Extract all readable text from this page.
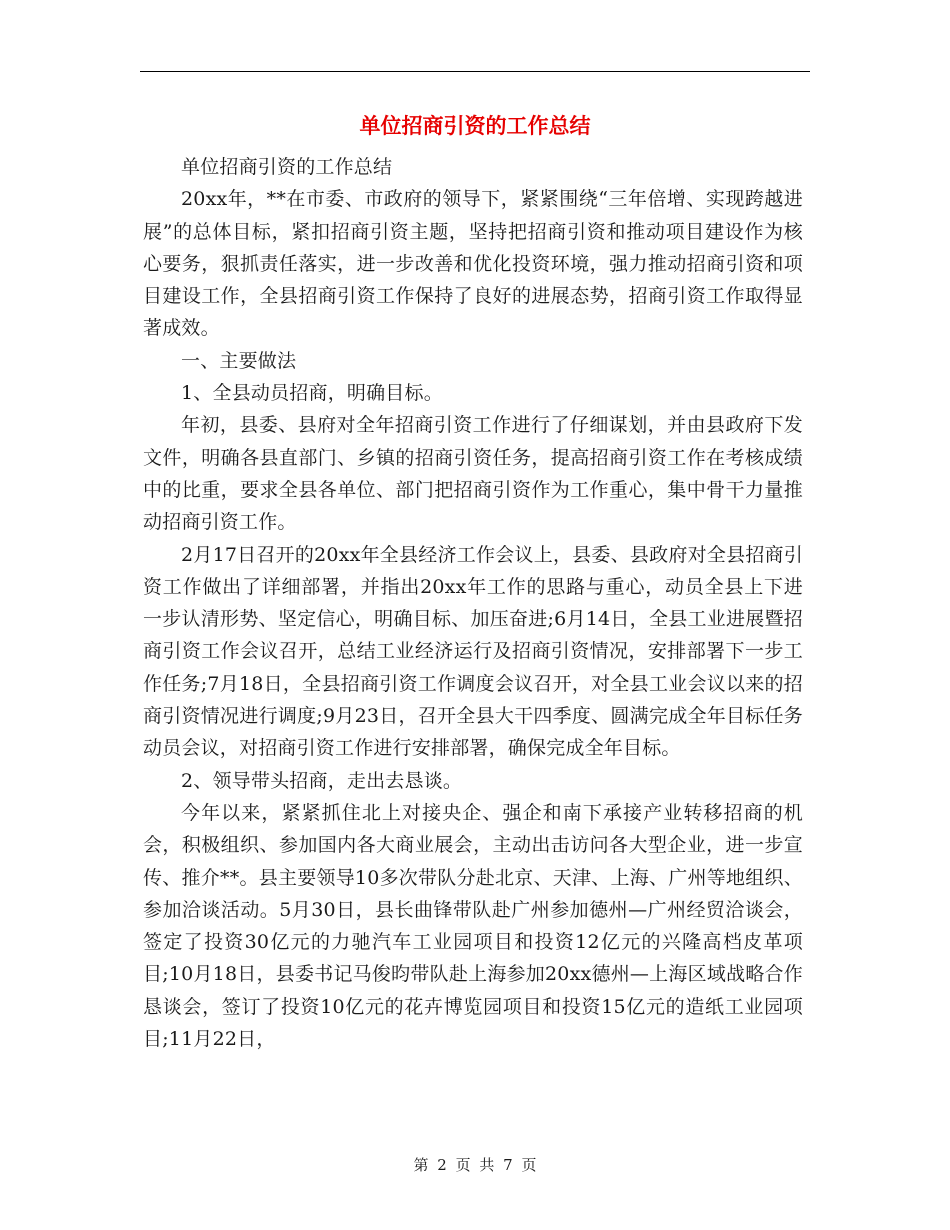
单位招商引资的工作总结

单位招商引资的工作总结

20xx年，**在市委、市政府的领导下，紧紧围绕“三年倍增、实现跨越进展”的总体目标，紧扣招商引资主题，坚持把招商引资和推动项目建设作为核心要务，狠抓责任落实，进一步改善和优化投资环境，强力推动招商引资和项目建设工作，全县招商引资工作保持了良好的进展态势，招商引资工作取得显著成效。

一、主要做法

1、全县动员招商，明确目标。

年初，县委、县府对全年招商引资工作进行了仔细谋划，并由县政府下发文件，明确各县直部门、乡镇的招商引资任务，提高招商引资工作在考核成绩中的比重，要求全县各单位、部门把招商引资作为工作重心，集中骨干力量推动招商引资工作。

2月17日召开的20xx年全县经济工作会议上，县委、县政府对全县招商引资工作做出了详细部署，并指出20xx年工作的思路与重心，动员全县上下进一步认清形势、坚定信心，明确目标、加压奋进;6月14日，全县工业进展暨招商引资工作会议召开，总结工业经济运行及招商引资情况，安排部署下一步工作任务;7月18日，全县招商引资工作调度会议召开，对全县工业会议以来的招商引资情况进行调度;9月23日，召开全县大干四季度、圆满完成全年目标任务动员会议，对招商引资工作进行安排部署，确保完成全年目标。

2、领导带头招商，走出去恳谈。

今年以来，紧紧抓住北上对接央企、强企和南下承接产业转移招商的机会，积极组织、参加国内各大商业展会，主动出击访问各大型企业，进一步宣传、推介**。县主要领导10多次带队分赴北京、天津、上海、广州等地组织、参加洽谈活动。5月30日，县长曲锋带队赴广州参加德州—广州经贸洽谈会，签定了投资30亿元的力驰汽车工业园项目和投资12亿元的兴隆高档皮革项目;10月18日，县委书记马俊昀带队赴上海参加20xx德州—上海区域战略合作恳谈会，签订了投资10亿元的花卉博览园项目和投资15亿元的造纸工业园项目;11月22日，

第 2 页 共 7 页
